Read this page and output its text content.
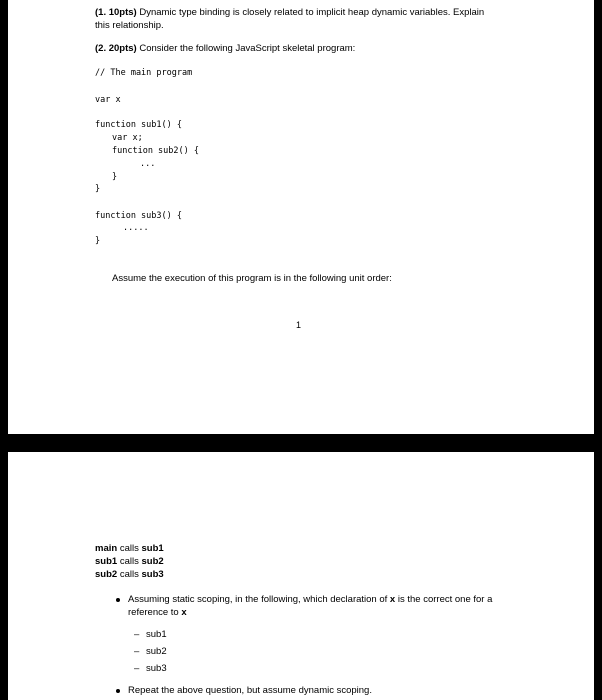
(1. 10pts) Dynamic type binding is closely related to implicit heap dynamic variables. Explain
this relationship.
(2. 20pts) Consider the following JavaScript skeletal program:
// The main program
var x
function sub1() {
var x;
function sub2() {
...
}
}
function sub3() {
.....
}
Assume the execution of this program is in the following unit order:
1
main calls sub1
sub1 calls sub2
sub2 calls sub3
Assuming static scoping, in the following, which declaration of x is the correct one for a
reference to x
– sub1
– sub2
– sub3
Repeat the above question, but assume dynamic scoping.
